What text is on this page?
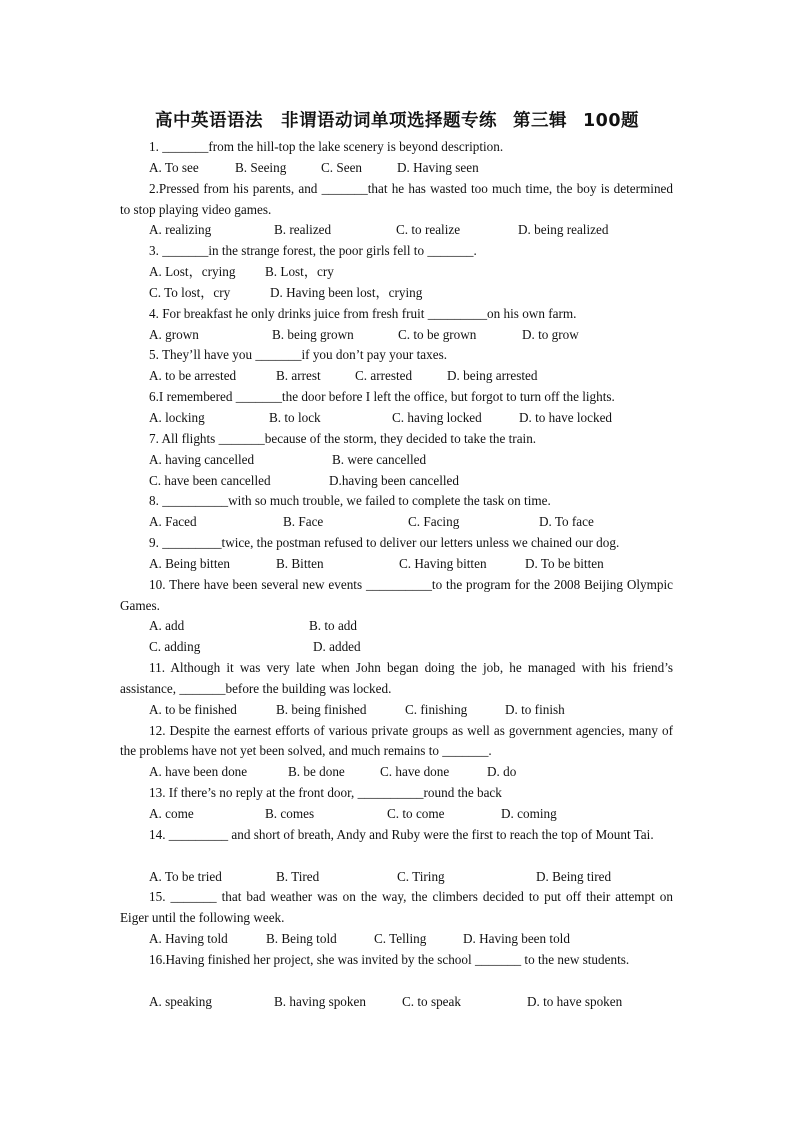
高中英语语法　非谓语动词单项选择题专练 第三辑 100题
1. _______from the hill-top the lake scenery is beyond description.
A. To see	B. Seeing	C. Seen	D. Having seen
2.Pressed from his parents, and _______that he has wasted too much time, the boy is determined to stop playing video games.
A. realizing	B. realized	C. to realize	D. being realized
3. _______in the strange forest, the poor girls fell to _______.
A. Lost，crying	B. Lost，cry
C. To lost，cry	D. Having been lost，crying
4. For breakfast he only drinks juice from fresh fruit _________on his own farm.
A. grown	B. being grown	C. to be grown	D. to grow
5. They’ll have you _______if you don’t pay your taxes.
A. to be arrested	B. arrest	C. arrested	D. being arrested
6.I remembered _______the door before I left the office, but forgot to turn off the lights.
A. locking	B. to lock	C. having locked	D. to have locked
7. All flights _______because of the storm, they decided to take the train.
A. having cancelled	B. were cancelled
C. have been cancelled	D.having been cancelled
8. __________with so much trouble, we failed to complete the task on time.
A. Faced	B. Face	C. Facing	D. To face
9. _________twice, the postman refused to deliver our letters unless we chained our dog.
A. Being bitten	B. Bitten	C. Having bitten	D. To be bitten
10. There have been several new events __________to the program for the 2008 Beijing Olympic Games.
A. add	B. to add
C. adding	D. added
11. Although it was very late when John began doing the job, he managed with his friend’s assistance, _______before the building was locked.
A. to be finished	B. being finished	C. finishing	D. to finish
12. Despite the earnest efforts of various private groups as well as government agencies, many of the problems have not yet been solved, and much remains to _______.
A. have been done	B. be done	C. have done	D. do
13. If there’s no reply at the front door, __________round the back
A. come	B. comes	C. to come	D. coming
14. _________ and short of breath, Andy and Ruby were the first to reach the top of Mount Tai.
A. To be tried	B. Tired	C. Tiring	D. Being tired
15. _______ that bad weather was on the way, the climbers decided to put off their attempt on Eiger until the following week.
A. Having told	B. Being told	C. Telling	D. Having been told
16.Having finished her project, she was invited by the school _______ to the new students.
A. speaking	B. having spoken	C. to speak	D. to have spoken
